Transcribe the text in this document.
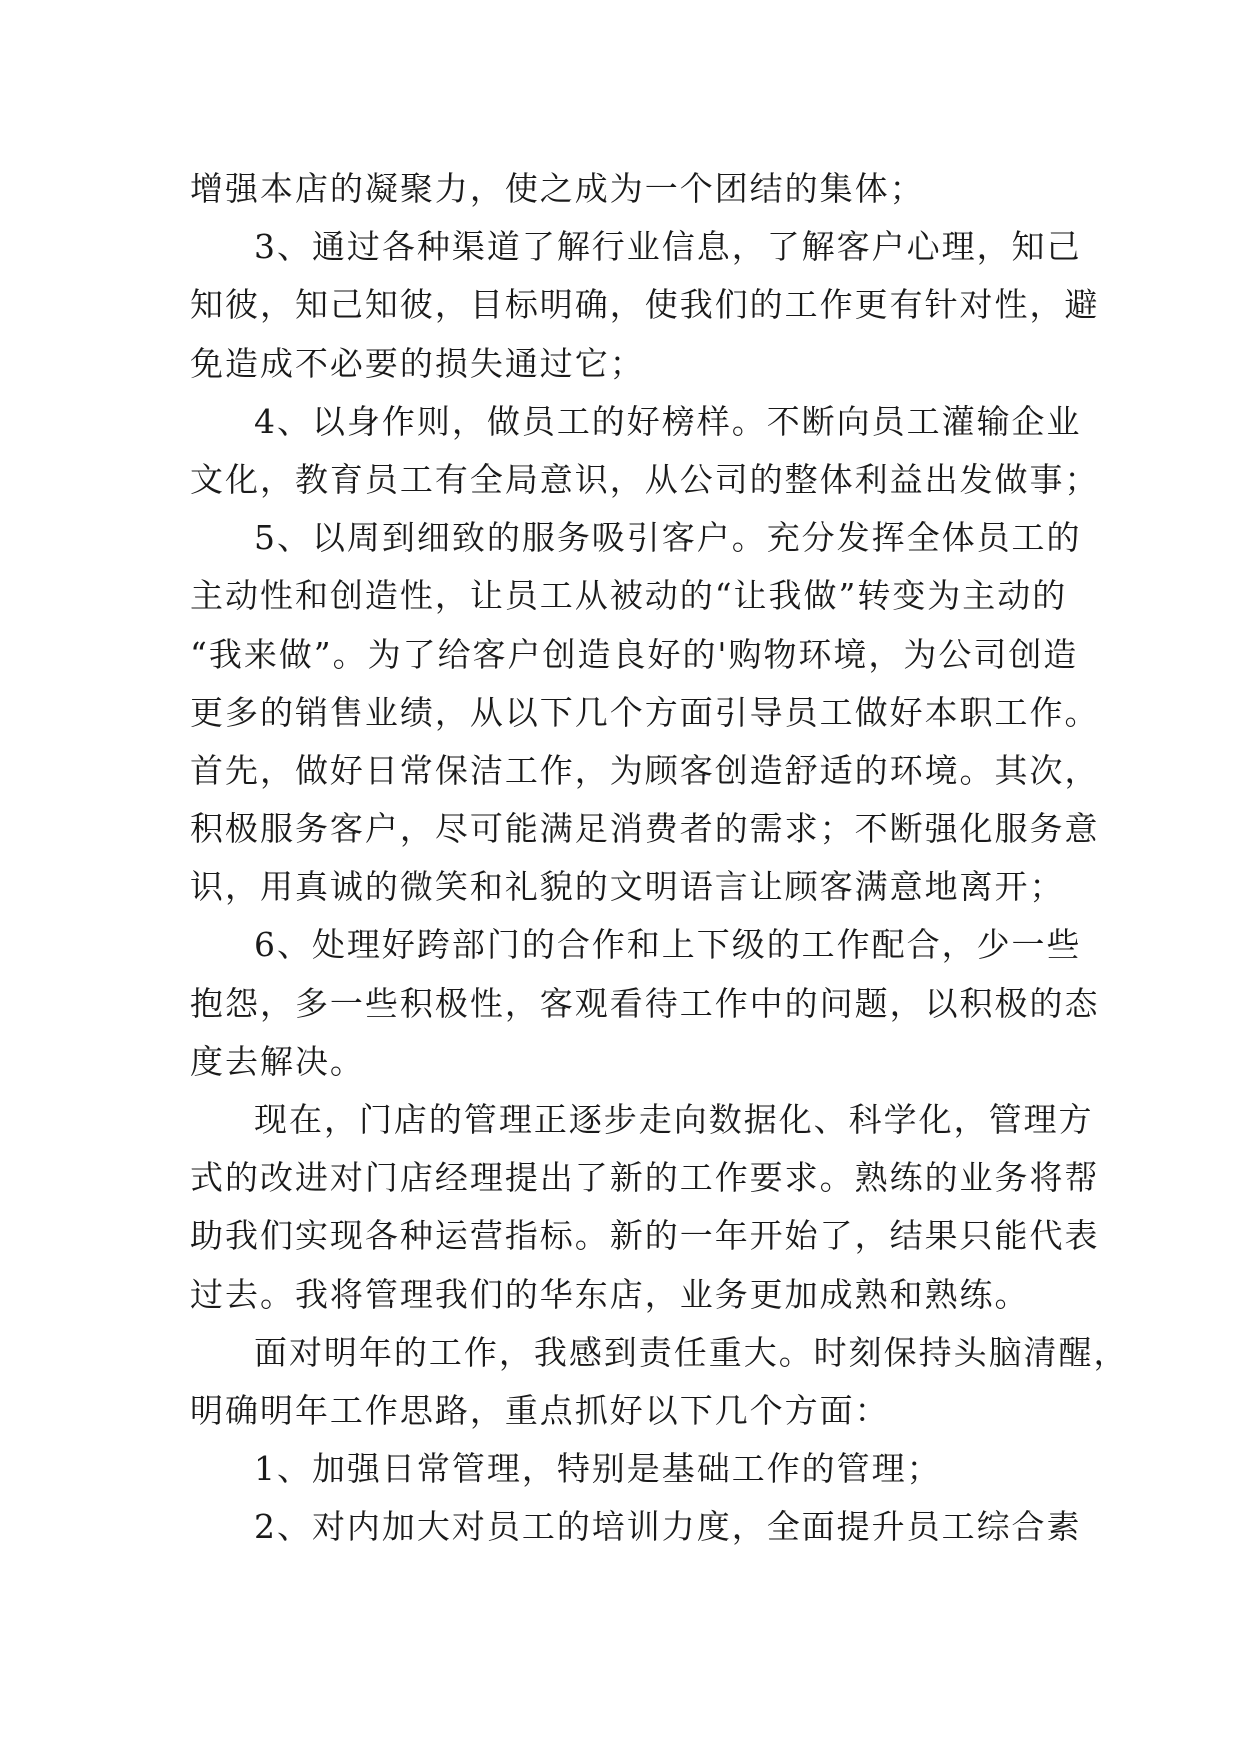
增强本店的凝聚力，使之成为一个团结的集体；
3、通过各种渠道了解行业信息，了解客户心理，知己
知彼，知己知彼，目标明确，使我们的工作更有针对性，避
免造成不必要的损失通过它；
4、以身作则，做员工的好榜样。不断向员工灌输企业
文化，教育员工有全局意识，从公司的整体利益出发做事；
5、以周到细致的服务吸引客户。充分发挥全体员工的
主动性和创造性，让员工从被动的“让我做”转变为主动的
“我来做”。为了给客户创造良好的'购物环境，为公司创造
更多的销售业绩，从以下几个方面引导员工做好本职工作。
首先，做好日常保洁工作，为顾客创造舒适的环境。其次，
积极服务客户，尽可能满足消费者的需求；不断强化服务意
识，用真诚的微笑和礼貌的文明语言让顾客满意地离开；
6、处理好跨部门的合作和上下级的工作配合，少一些
抱怨，多一些积极性，客观看待工作中的问题，以积极的态
度去解决。
现在，门店的管理正逐步走向数据化、科学化，管理方
式的改进对门店经理提出了新的工作要求。熟练的业务将帮
助我们实现各种运营指标。新的一年开始了，结果只能代表
过去。我将管理我们的华东店，业务更加成熟和熟练。
面对明年的工作，我感到责任重大。时刻保持头脑清醒，
明确明年工作思路，重点抓好以下几个方面：
1、加强日常管理，特别是基础工作的管理；
2、对内加大对员工的培训力度，全面提升员工综合素
